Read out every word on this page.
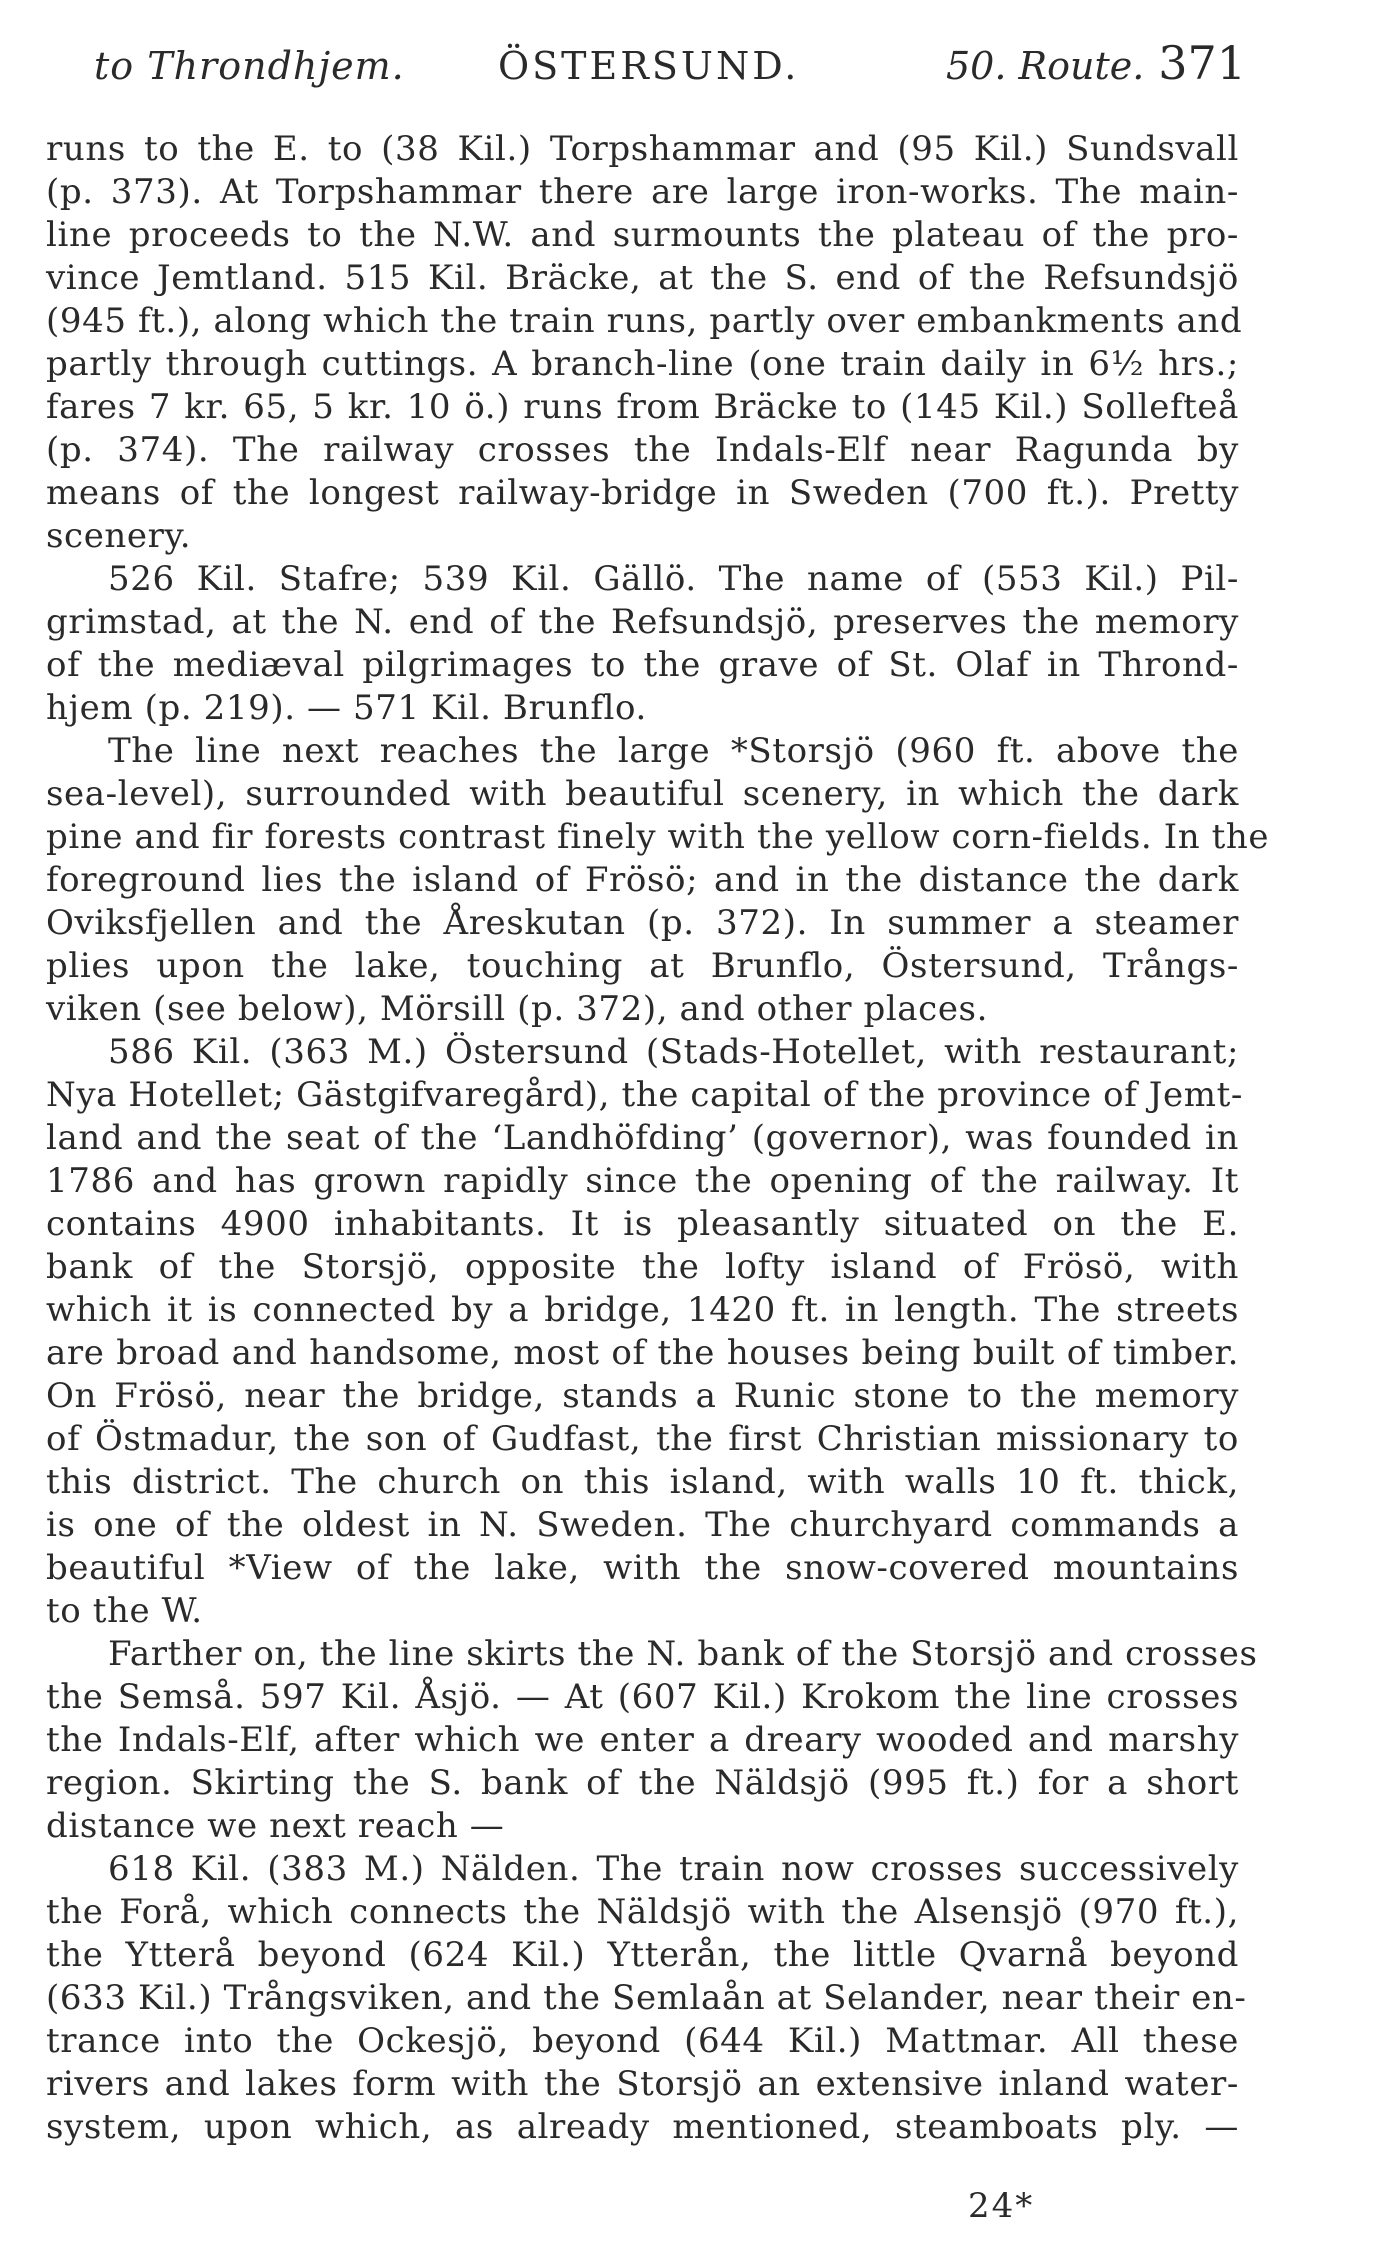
to Throndhjem. ÖSTERSUND.	50. Route. 371
runs to the E. to (38 Kil.) Torpshammar and (95 Kil.) Sundsvall
(p. 373). At Torpshammar there are large iron-works. The main-
line proceeds to the N.W. and surmounts the plateau of the pro-
vince Jemtland. 515 Kil. Bräcke, at the S. end of the Refsundsjö
(945 ft.), along which the train runs, partly over embankments and
partly through cuttings. A branch-line (one train daily in 6½ hrs.;
fares 7 kr. 65, 5 kr. 10 ö.) runs from Bräcke to (145 Kil.) Sollefteå
(p. 374). The railway crosses the Indals-Elf near Ragunda by
means of the longest railway-bridge in Sweden (700 ft.). Pretty
scenery.
526 Kil. Stafre; 539 Kil. Gällö. The name of (553 Kil.) Pil-
grimstad, at the N. end of the Refsundsjö, preserves the memory
of the mediæval pilgrimages to the grave of St. Olaf in Thrond-
hjem (p. 219). — 571 Kil. Brunflo.
The line next reaches the large *Storsjö (960 ft. above the
sea-level), surrounded with beautiful scenery, in which the dark
pine and fir forests contrast finely with the yellow corn-fields. In the
foreground lies the island of Frösö; and in the distance the dark
Oviksfjellen and the Åreskutan (p. 372). In summer a steamer
plies upon the lake, touching at Brunflo, Östersund, Trångs-
viken (see below), Mörsill (p. 372), and other places.
586 Kil. (363 M.) Östersund (Stads-Hotellet, with restaurant;
Nya Hotellet; Gästgifvaregård), the capital of the province of Jemt-
land and the seat of the ‘Landhöfding’ (governor), was founded in
1786 and has grown rapidly since the opening of the railway. It
contains 4900 inhabitants. It is pleasantly situated on the E.
bank of the Storsjö, opposite the lofty island of Frösö, with
which it is connected by a bridge, 1420 ft. in length. The streets
are broad and handsome, most of the houses being built of timber.
On Frösö, near the bridge, stands a Runic stone to the memory
of Östmadur, the son of Gudfast, the first Christian missionary to
this district. The church on this island, with walls 10 ft. thick,
is one of the oldest in N. Sweden. The churchyard commands a
beautiful *View of the lake, with the snow-covered mountains
to the W.
Farther on, the line skirts the N. bank of the Storsjö and crosses
the Semså. 597 Kil. Åsjö. — At (607 Kil.) Krokom the line crosses
the Indals-Elf, after which we enter a dreary wooded and marshy
region. Skirting the S. bank of the Näldsjö (995 ft.) for a short
distance we next reach —
618 Kil. (383 M.) Nälden. The train now crosses successively
the Forå, which connects the Näldsjö with the Alsensjö (970 ft.),
the Ytterå beyond (624 Kil.) Ytterån, the little Qvarnå beyond
(633 Kil.) Trångsviken, and the Semlaån at Selander, near their en-
trance into the Ockesjö, beyond (644 Kil.) Mattmar. All these
rivers and lakes form with the Storsjö an extensive inland water-
system, upon which, as already mentioned, steamboats ply. —
24*
